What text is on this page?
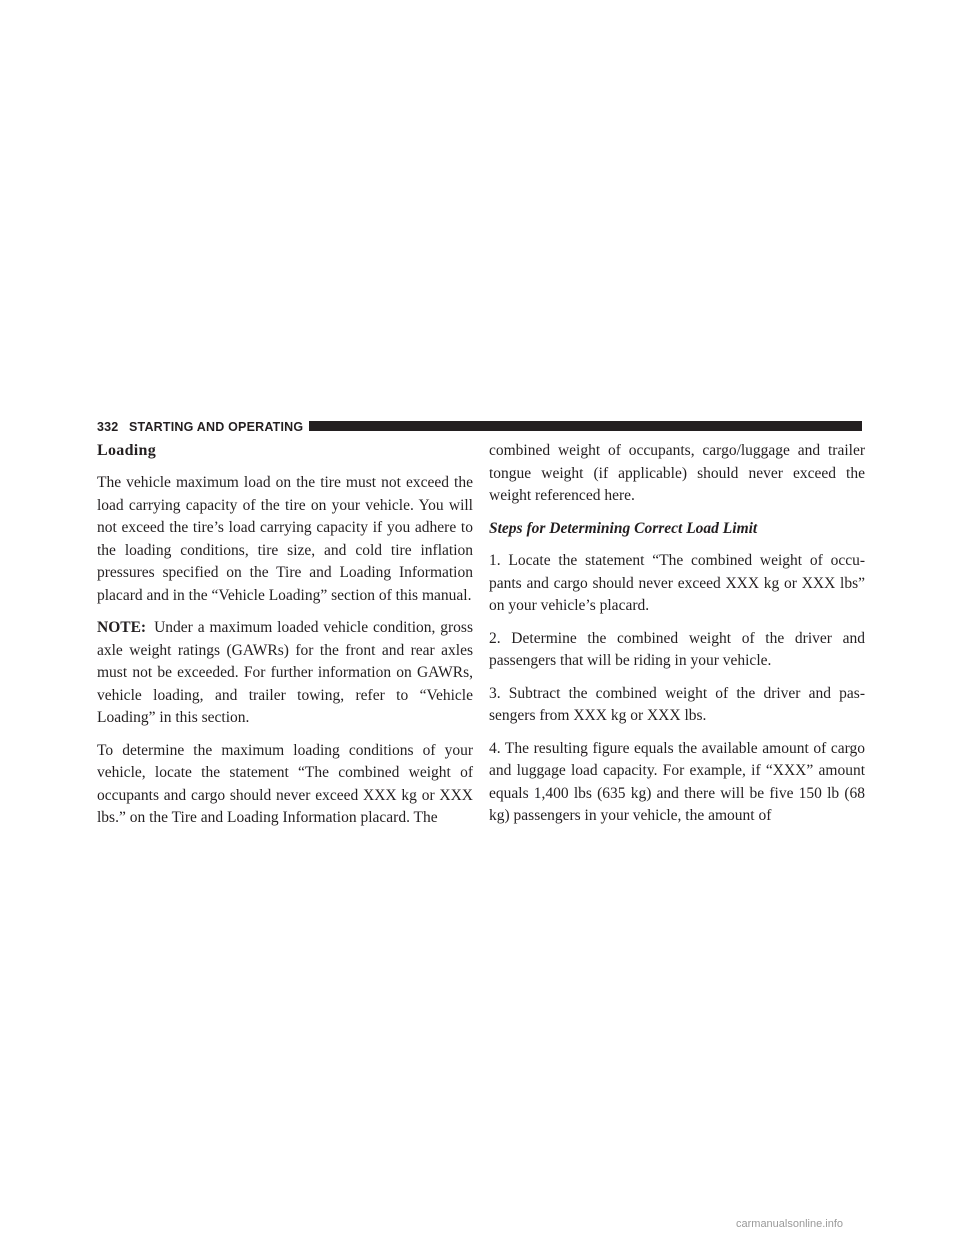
332 STARTING AND OPERATING

Loading

The vehicle maximum load on the tire must not exceed the load carrying capacity of the tire on your vehicle. You will not exceed the tire’s load carrying capacity if you adhere to the loading conditions, tire size, and cold tire inflation pressures specified on the Tire and Loading Information placard and in the “Vehicle Loading” section of this manual.

NOTE: Under a maximum loaded vehicle condition, gross axle weight ratings (GAWRs) for the front and rear axles must not be exceeded. For further information on GAWRs, vehicle loading, and trailer towing, refer to “Vehicle Loading” in this section.

To determine the maximum loading conditions of your vehicle, locate the statement “The combined weight of occupants and cargo should never exceed XXX kg or XXX lbs.” on the Tire and Loading Information placard. The

combined weight of occupants, cargo/luggage and trailer tongue weight (if applicable) should never exceed the weight referenced here.

Steps for Determining Correct Load Limit

1. Locate the statement “The combined weight of occu-pants and cargo should never exceed XXX kg or XXX lbs” on your vehicle’s placard.

2. Determine the combined weight of the driver and passengers that will be riding in your vehicle.

3. Subtract the combined weight of the driver and pas-sengers from XXX kg or XXX lbs.

4. The resulting figure equals the available amount of cargo and luggage load capacity. For example, if “XXX” amount equals 1,400 lbs (635 kg) and there will be five 150 lb (68 kg) passengers in your vehicle, the amount of

carmanualsonline.info
